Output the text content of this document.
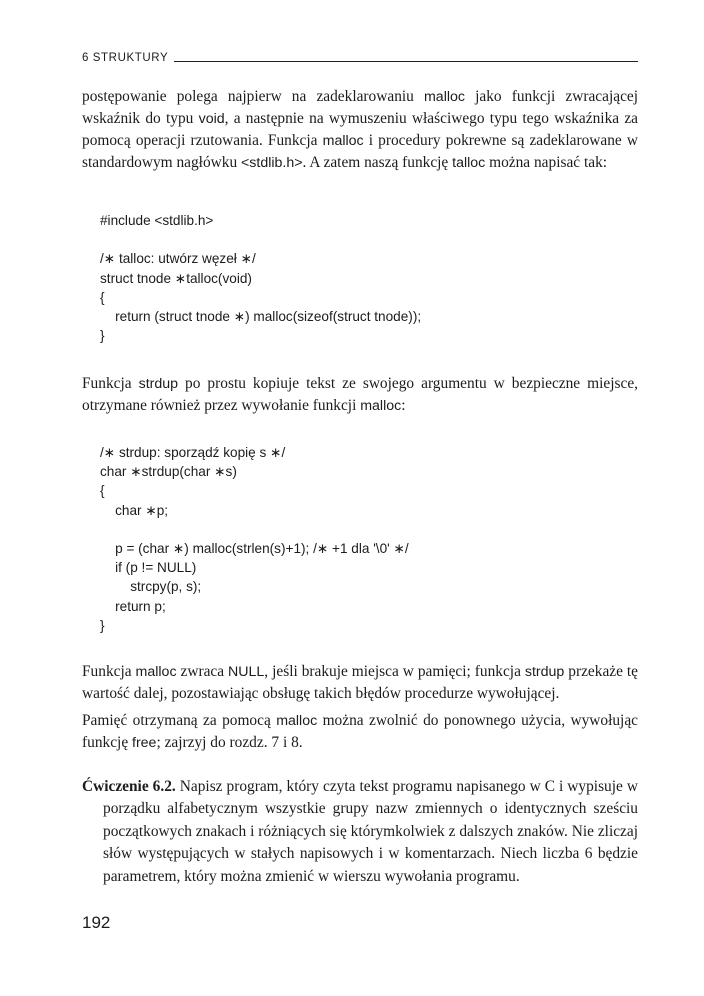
6 STRUKTURY

postępowanie polega najpierw na zadeklarowaniu malloc jako funkcji zwracającej wskaźnik do typu void, a następnie na wymuszeniu właściwego typu tego wskaźnika za pomocą operacji rzutowania. Funkcja malloc i procedury pokrewne są zadeklarowane w standardowym nagłówku <stdlib.h>. A zatem naszą funkcję talloc można napisać tak:

#include <stdlib.h>
/∗ talloc: utwórz węzeł ∗/
struct tnode ∗talloc(void)
{
return (struct tnode ∗) malloc(sizeof(struct tnode));
}

Funkcja strdup po prostu kopiuje tekst ze swojego argumentu w bezpieczne miejsce, otrzymane również przez wywołanie funkcji malloc:

/∗ strdup: sporządź kopię s ∗/
char ∗strdup(char ∗s)
{
char ∗p;
p = (char ∗) malloc(strlen(s)+1); /∗ +1 dla '\0' ∗/
if (p != NULL)
strcpy(p, s);
return p;
}

Funkcja malloc zwraca NULL, jeśli brakuje miejsca w pamięci; funkcja strdup przekaże tę wartość dalej, pozostawiając obsługę takich błędów procedurze wywołującej.

Pamięć otrzymaną za pomocą malloc można zwolnić do ponownego użycia, wywołując funkcję free; zajrzyj do rozdz. 7 i 8.

Ćwiczenie 6.2. Napisz program, który czyta tekst programu napisanego w C i wypisuje w porządku alfabetycznym wszystkie grupy nazw zmiennych o identycznych sześciu początkowych znakach i różniących się którymkolwiek z dalszych znaków. Nie zliczaj słów występujących w stałych napisowych i w komentarzach. Niech liczba 6 będzie parametrem, który można zmienić w wierszu wywołania programu.

192
